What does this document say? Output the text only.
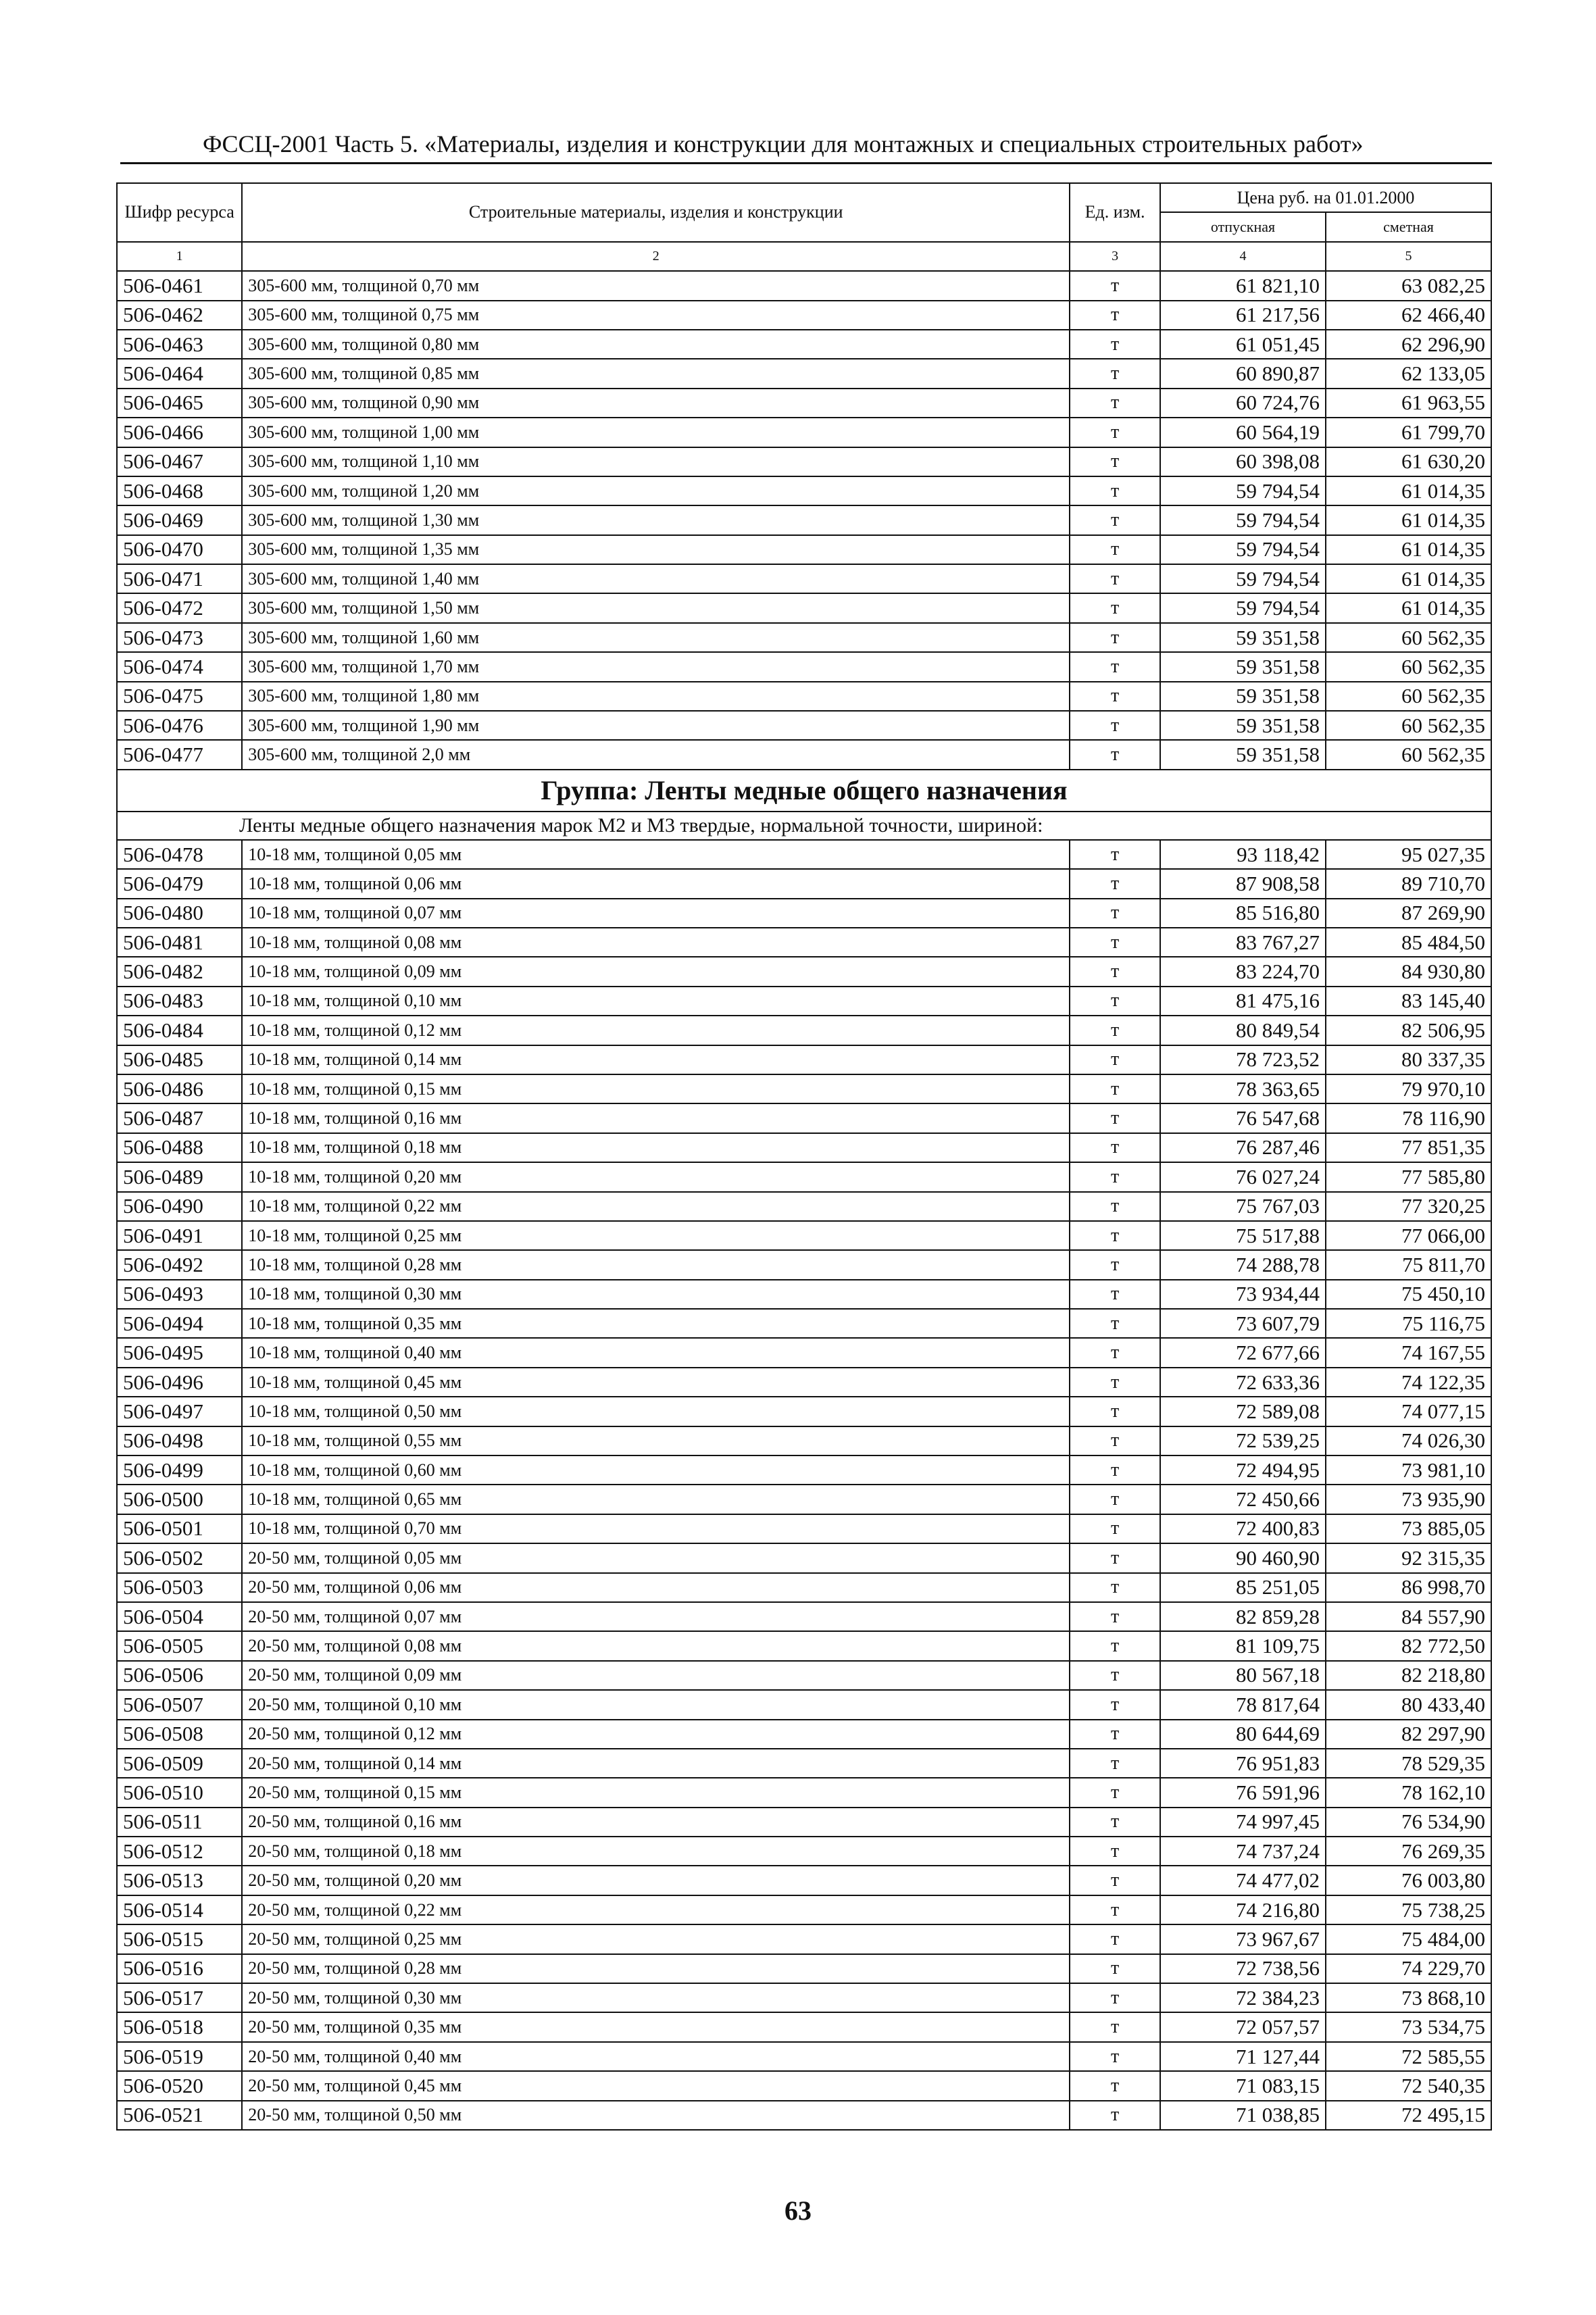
ФССЦ-2001 Часть 5. «Материалы, изделия и конструкции для монтажных и специальных строительных работ»
Шифр ресурса	Строительные материалы, изделия и конструкции	Ед. изм.	Цена руб. на 01.01.2000	
			отпускная	сметная
1	2	3	4	5
506-0461	305-600 мм, толщиной 0,70 мм	т	61 821,10	63 082,25
506-0462	305-600 мм, толщиной 0,75 мм	т	61 217,56	62 466,40
506-0463	305-600 мм, толщиной 0,80 мм	т	61 051,45	62 296,90
506-0464	305-600 мм, толщиной 0,85 мм	т	60 890,87	62 133,05
506-0465	305-600 мм, толщиной 0,90 мм	т	60 724,76	61 963,55
506-0466	305-600 мм, толщиной 1,00 мм	т	60 564,19	61 799,70
506-0467	305-600 мм, толщиной 1,10 мм	т	60 398,08	61 630,20
506-0468	305-600 мм, толщиной 1,20 мм	т	59 794,54	61 014,35
506-0469	305-600 мм, толщиной 1,30 мм	т	59 794,54	61 014,35
506-0470	305-600 мм, толщиной 1,35 мм	т	59 794,54	61 014,35
506-0471	305-600 мм, толщиной 1,40 мм	т	59 794,54	61 014,35
506-0472	305-600 мм, толщиной 1,50 мм	т	59 794,54	61 014,35
506-0473	305-600 мм, толщиной 1,60 мм	т	59 351,58	60 562,35
506-0474	305-600 мм, толщиной 1,70 мм	т	59 351,58	60 562,35
506-0475	305-600 мм, толщиной 1,80 мм	т	59 351,58	60 562,35
506-0476	305-600 мм, толщиной 1,90 мм	т	59 351,58	60 562,35
506-0477	305-600 мм, толщиной 2,0 мм	т	59 351,58	60 562,35
Группа: Ленты медные общего назначения				
Ленты медные общего назначения марок М2 и М3 твердые, нормальной точности, шириной:				
506-0478	10-18 мм, толщиной 0,05 мм	т	93 118,42	95 027,35
506-0479	10-18 мм, толщиной 0,06 мм	т	87 908,58	89 710,70
506-0480	10-18 мм, толщиной 0,07 мм	т	85 516,80	87 269,90
506-0481	10-18 мм, толщиной 0,08 мм	т	83 767,27	85 484,50
506-0482	10-18 мм, толщиной 0,09 мм	т	83 224,70	84 930,80
506-0483	10-18 мм, толщиной 0,10 мм	т	81 475,16	83 145,40
506-0484	10-18 мм, толщиной 0,12 мм	т	80 849,54	82 506,95
506-0485	10-18 мм, толщиной 0,14 мм	т	78 723,52	80 337,35
506-0486	10-18 мм, толщиной 0,15 мм	т	78 363,65	79 970,10
506-0487	10-18 мм, толщиной 0,16 мм	т	76 547,68	78 116,90
506-0488	10-18 мм, толщиной 0,18 мм	т	76 287,46	77 851,35
506-0489	10-18 мм, толщиной 0,20 мм	т	76 027,24	77 585,80
506-0490	10-18 мм, толщиной 0,22 мм	т	75 767,03	77 320,25
506-0491	10-18 мм, толщиной 0,25 мм	т	75 517,88	77 066,00
506-0492	10-18 мм, толщиной 0,28 мм	т	74 288,78	75 811,70
506-0493	10-18 мм, толщиной 0,30 мм	т	73 934,44	75 450,10
506-0494	10-18 мм, толщиной 0,35 мм	т	73 607,79	75 116,75
506-0495	10-18 мм, толщиной 0,40 мм	т	72 677,66	74 167,55
506-0496	10-18 мм, толщиной 0,45 мм	т	72 633,36	74 122,35
506-0497	10-18 мм, толщиной 0,50 мм	т	72 589,08	74 077,15
506-0498	10-18 мм, толщиной 0,55 мм	т	72 539,25	74 026,30
506-0499	10-18 мм, толщиной 0,60 мм	т	72 494,95	73 981,10
506-0500	10-18 мм, толщиной 0,65 мм	т	72 450,66	73 935,90
506-0501	10-18 мм, толщиной 0,70 мм	т	72 400,83	73 885,05
506-0502	20-50 мм, толщиной 0,05 мм	т	90 460,90	92 315,35
506-0503	20-50 мм, толщиной 0,06 мм	т	85 251,05	86 998,70
506-0504	20-50 мм, толщиной 0,07 мм	т	82 859,28	84 557,90
506-0505	20-50 мм, толщиной 0,08 мм	т	81 109,75	82 772,50
506-0506	20-50 мм, толщиной 0,09 мм	т	80 567,18	82 218,80
506-0507	20-50 мм, толщиной 0,10 мм	т	78 817,64	80 433,40
506-0508	20-50 мм, толщиной 0,12 мм	т	80 644,69	82 297,90
506-0509	20-50 мм, толщиной 0,14 мм	т	76 951,83	78 529,35
506-0510	20-50 мм, толщиной 0,15 мм	т	76 591,96	78 162,10
506-0511	20-50 мм, толщиной 0,16 мм	т	74 997,45	76 534,90
506-0512	20-50 мм, толщиной 0,18 мм	т	74 737,24	76 269,35
506-0513	20-50 мм, толщиной 0,20 мм	т	74 477,02	76 003,80
506-0514	20-50 мм, толщиной 0,22 мм	т	74 216,80	75 738,25
506-0515	20-50 мм, толщиной 0,25 мм	т	73 967,67	75 484,00
506-0516	20-50 мм, толщиной 0,28 мм	т	72 738,56	74 229,70
506-0517	20-50 мм, толщиной 0,30 мм	т	72 384,23	73 868,10
506-0518	20-50 мм, толщиной 0,35 мм	т	72 057,57	73 534,75
506-0519	20-50 мм, толщиной 0,40 мм	т	71 127,44	72 585,55
506-0520	20-50 мм, толщиной 0,45 мм	т	71 083,15	72 540,35
506-0521	20-50 мм, толщиной 0,50 мм	т	71 038,85	72 495,15
63
